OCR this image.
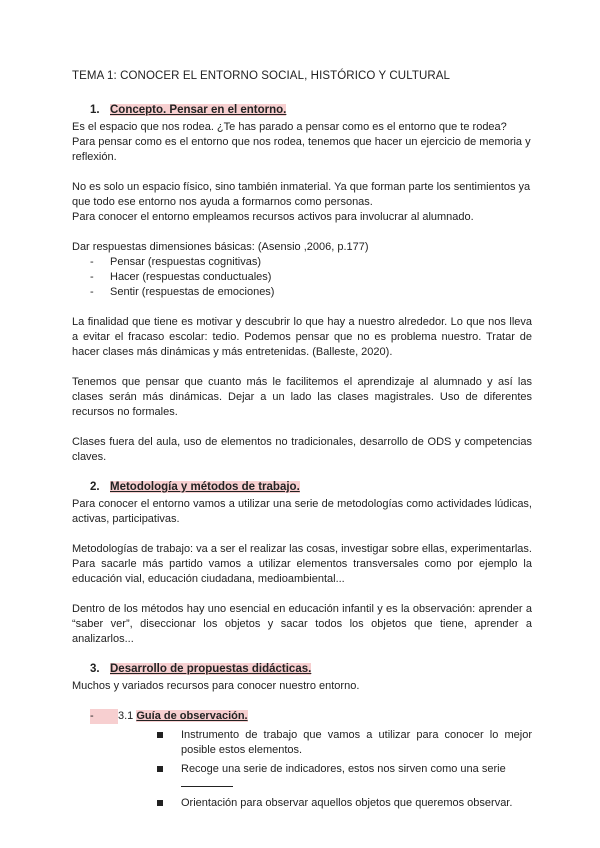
TEMA 1: CONOCER EL ENTORNO SOCIAL, HISTÓRICO Y CULTURAL
1. Concepto. Pensar en el entorno.

Es el espacio que nos rodea. ¿Te has parado a pensar como es el entorno que te rodea? Para pensar como es el entorno que nos rodea, tenemos que hacer un ejercicio de memoria y reflexión.

No es solo un espacio físico, sino también inmaterial. Ya que forman parte los sentimientos ya que todo ese entorno nos ayuda a formarnos como personas.

Para conocer el entorno empleamos recursos activos para involucrar al alumnado.

Dar respuestas dimensiones básicas: (Asensio ,2006, p.177)

- Pensar (respuestas cognitivas)
- Hacer (respuestas conductuales)
- Sentir (respuestas de emociones)

La finalidad que tiene es motivar y descubrir lo que hay a nuestro alrededor. Lo que nos lleva a evitar el fracaso escolar: tedio. Podemos pensar que no es problema nuestro. Tratar de hacer clases más dinámicas y más entretenidas. (Balleste, 2020).

Tenemos que pensar que cuanto más le facilitemos el aprendizaje al alumnado y así las clases serán más dinámicas. Dejar a un lado las clases magistrales. Uso de diferentes recursos no formales.

Clases fuera del aula, uso de elementos no tradicionales, desarrollo de ODS y competencias claves.

2. Metodología y métodos de trabajo.

Para conocer el entorno vamos a utilizar una serie de metodologías como actividades lúdicas, activas, participativas.

Metodologías de trabajo: va a ser el realizar las cosas, investigar sobre ellas, experimentarlas. Para sacarle más partido vamos a utilizar elementos transversales como por ejemplo la educación vial, educación ciudadana, medioambiental...

Dentro de los métodos hay uno esencial en educación infantil y es la observación: aprender a “saber ver”, diseccionar los objetos y sacar todos los objetos que tiene, aprender a analizarlos...

3. Desarrollo de propuestas didácticas.

Muchos y variados recursos para conocer nuestro entorno.

- 3.1 Guía de observación.
Instrumento de trabajo que vamos a utilizar para conocer lo mejor posible estos elementos.
Recoge una serie de indicadores, estos nos sirven como una serie

Orientación para observar aquellos objetos que queremos observar.
